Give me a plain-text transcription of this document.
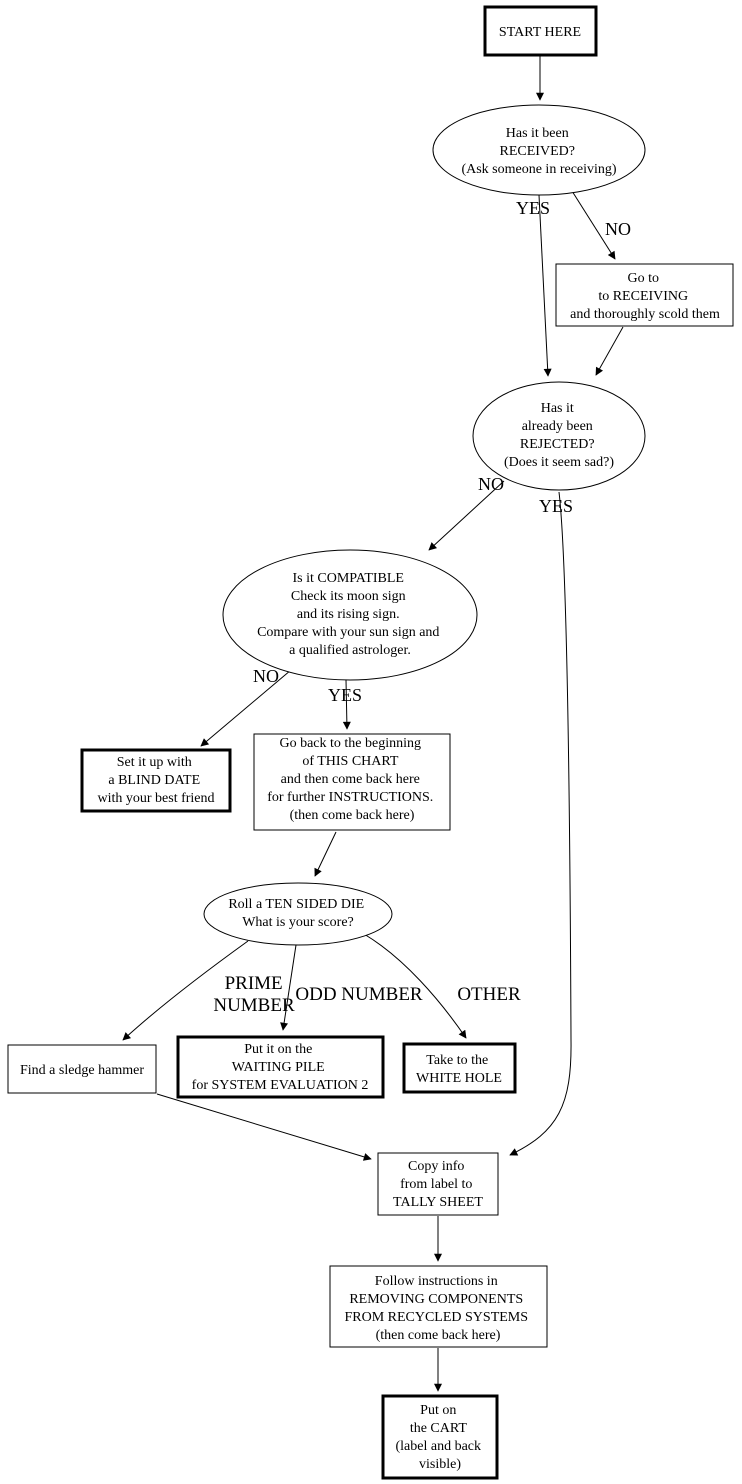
YES
NO
NO
YES
NO
YES
PRIME NUMBER
ODD NUMBER OTHER
START HERE
Has it been RECEIVED? (Ask someone in receiving)
Go to to RECEIVING and thoroughly scold them
Has it already been REJECTED? (Does it seem sad?)
Is it COMPATIBLE Check its moon sign and its rising sign. Compare with your sun sign and a qualified astrologer.
Set it up with a BLIND DATE with your best friend
Go back to the beginning of THIS CHART and then come back here for further INSTRUCTIONS. (then come back here)
Roll a TEN SIDED DIE What is your score?
Find a sledge hammer
Put it on the WAITING PILE for SYSTEM EVALUATION 2
Take to the WHITE HOLE
Copy info from label to TALLY SHEET
Follow instructions in REMOVING COMPONENTS FROM RECYCLED SYSTEMS (then come back here)
Put on the CART (label and back visible)
